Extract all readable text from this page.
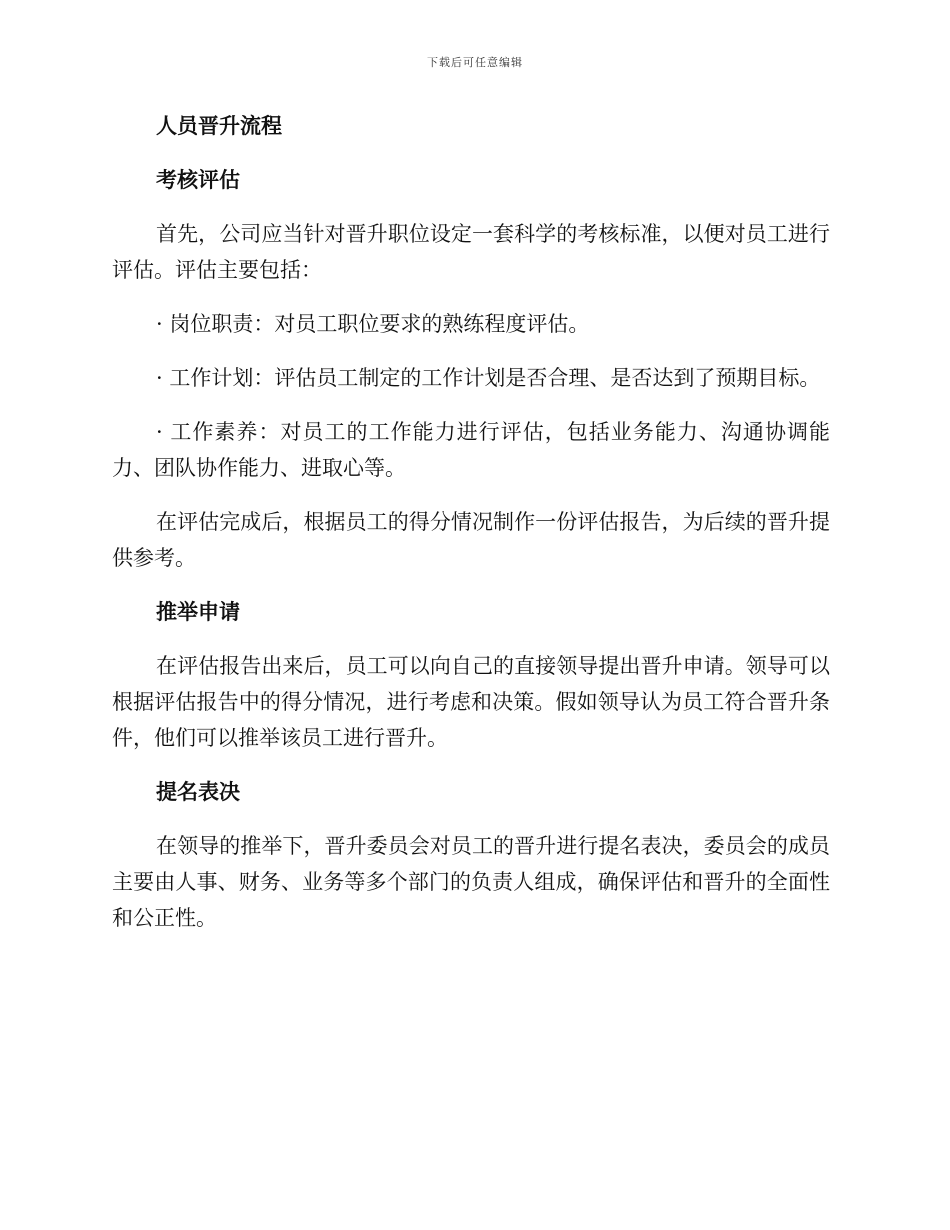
下载后可任意编辑
人员晋升流程
考核评估

首先，公司应当针对晋升职位设定一套科学的考核标准，以便对员工进行评估。评估主要包括：

· 岗位职责：对员工职位要求的熟练程度评估。

· 工作计划：评估员工制定的工作计划是否合理、是否达到了预期目标。

· 工作素养：对员工的工作能力进行评估，包括业务能力、沟通协调能力、团队协作能力、进取心等。

在评估完成后，根据员工的得分情况制作一份评估报告，为后续的晋升提供参考。

推举申请

在评估报告出来后，员工可以向自己的直接领导提出晋升申请。领导可以根据评估报告中的得分情况，进行考虑和决策。假如领导认为员工符合晋升条件，他们可以推举该员工进行晋升。

提名表决

在领导的推举下，晋升委员会对员工的晋升进行提名表决，委员会的成员主要由人事、财务、业务等多个部门的负责人组成，确保评估和晋升的全面性和公正性。
